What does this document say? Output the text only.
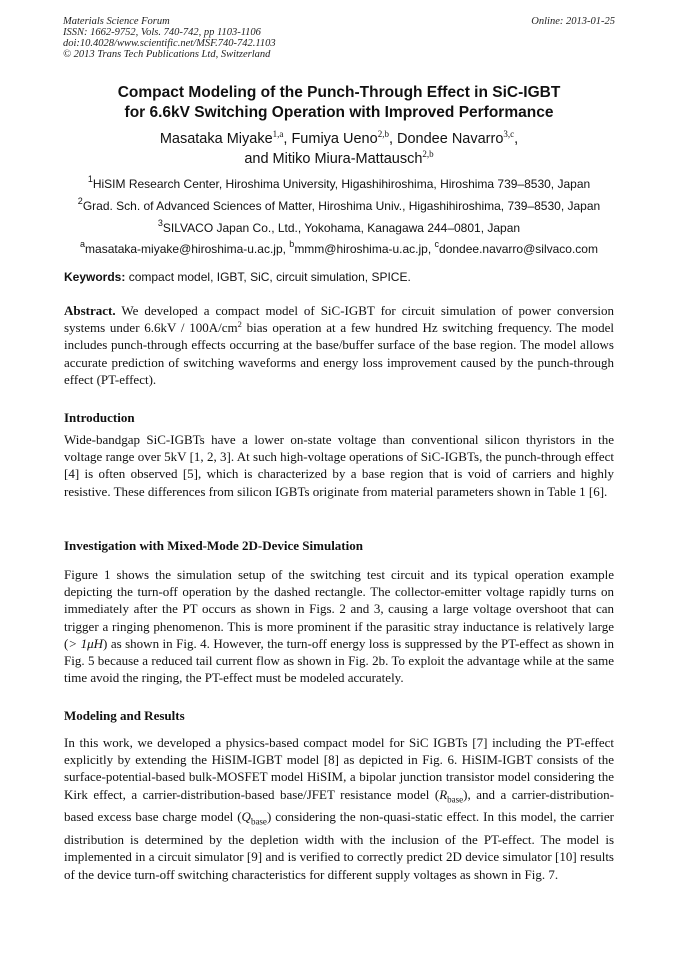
Materials Science Forum
ISSN: 1662-9752, Vols. 740-742, pp 1103-1106
doi:10.4028/www.scientific.net/MSF.740-742.1103
© 2013 Trans Tech Publications Ltd, Switzerland
Online: 2013-01-25
Compact Modeling of the Punch-Through Effect in SiC-IGBT
for 6.6kV Switching Operation with Improved Performance
Masataka Miyake$^{1,a}$, Fumiya Ueno$^{2,b}$, Dondee Navarro$^{3,c}$,
and Mitiko Miura-Mattausch$^{2,b}$
$^1$HiSIM Research Center, Hiroshima University, Higashihiroshima, Hiroshima 739–8530, Japan
$^2$Grad. Sch. of Advanced Sciences of Matter, Hiroshima Univ., Higashihiroshima, 739–8530, Japan
$^3$SILVACO Japan Co., Ltd., Yokohama, Kanagawa 244–0801, Japan
$^a$masataka-miyake@hiroshima-u.ac.jp, $^b$mmm@hiroshima-u.ac.jp, $^c$dondee.navarro@silvaco.com
Keywords: compact model, IGBT, SiC, circuit simulation, SPICE.
Abstract. We developed a compact model of SiC-IGBT for circuit simulation of power conversion systems under $6.6kV / 100A/cm^2$ bias operation at a few hundred Hz switching frequency. The model includes punch-through effects occurring at the base/buffer surface of the base region. The model allows accurate prediction of switching waveforms and energy loss improvement caused by the punch-through effect (PT-effect).
Introduction
Wide-bandgap SiC-IGBTs have a lower on-state voltage than conventional silicon thyristors in the voltage range over 5kV [1, 2, 3]. At such high-voltage operations of SiC-IGBTs, the punch-through effect [4] is often observed [5], which is characterized by a base region that is void of carriers and highly resistive. These differences from silicon IGBTs originate from material parameters shown in Table 1 [6].
Investigation with Mixed-Mode 2D-Device Simulation
Figure 1 shows the simulation setup of the switching test circuit and its typical operation example depicting the turn-off operation by the dashed rectangle. The collector-emitter voltage rapidly turns on immediately after the PT occurs as shown in Figs. 2 and 3, causing a large voltage overshoot that can trigger a ringing phenomenon. This is more prominent if the parasitic stray inductance is relatively large (> 1μH) as shown in Fig. 4. However, the turn-off energy loss is suppressed by the PT-effect as shown in Fig. 5 because a reduced tail current flow as shown in Fig. 2b. To exploit the advantage while at the same time avoid the ringing, the PT-effect must be modeled accurately.
Modeling and Results
In this work, we developed a physics-based compact model for SiC IGBTs [7] including the PT-effect explicitly by extending the HiSIM-IGBT model [8] as depicted in Fig. 6. HiSIM-IGBT consists of the surface-potential-based bulk-MOSFET model HiSIM, a bipolar junction transistor model considering the Kirk effect, a carrier-distribution-based base/JFET resistance model $(R_{base})$, and a carrier-distribution-based excess base charge model $(Q_{base})$ considering the non-quasi-static effect. In this model, the carrier distribution is determined by the depletion width with the inclusion of the PT-effect. The model is implemented in a circuit simulator [9] and is verified to correctly predict 2D device simulator [10] results of the device turn-off switching characteristics for different supply voltages as shown in Fig. 7.
